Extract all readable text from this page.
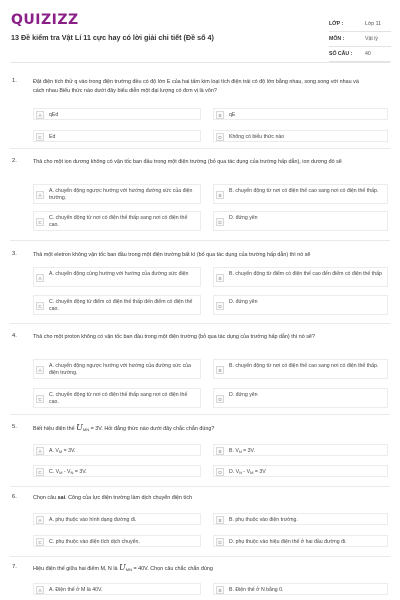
QUIZIZZ
13 Đề kiểm tra Vật Lí 11 cực hay có lời giải chi tiết (Đề số 4)
LỚP :	Lớp 11
MÔN :	Vật lý
SỐ CÂU :	40
1.	Đặt điện tích thử q vào trong điện trường đều có độ lớn E của hai tấm kim loại tích điện trái có độ lớn bằng nhau, song song với nhau và cách nhau Biểu thức nào dưới đây biểu diễn một đại lượng có đơn vị là vôn?
A	qEd	B	qE
C	Ed	D	Không có biểu thức nào
2.	Thả cho một ion dương không có vận tốc ban đầu trong một điện trường (bỏ qua tác dụng của trường hấp dẫn), ion dương đó sẽ
A
A. chuyển động ngược hướng với hướng đường sức của điện trường.	B
B. chuyển động từ nơi có điện thế cao sang nơi có điện thế thấp.
C
C. chuyển động từ nơi có điện thế thấp sang nơi có điện thế cao.	D
D. đứng yên
3.	Thả một eletron không vận tốc ban đầu trong một điện trường bất kì (bỏ qua tác dụng của trường hấp dẫn) thì nó sẽ
A
A. chuyển động cùng hướng với hướng của đường sức điện
B
B. chuyển động từ điểm có điện thế cao đến điểm có điện thế thấp
C
C. chuyển động từ điểm có điện thế thấp đến điểm có điện thế cao.	D
D. đứng yên
4.	Thả cho một proton không có vận tốc ban đầu trong một điện trường (bỏ qua tác dụng của trường hấp dẫn) thì nó sẽ?
A
A. chuyển động ngược hướng với hướng của đường sức của điện trường.	B
B. chuyển động từ nơi có điện thế cao sang nơi có điện thế thấp.
C
C. chuyển động từ nơi có điện thế thấp sang nơi có điện thế cao.	D
D. đứng yên
5.	Biết hiệu điện thế $U_{MN} = 3V$. Hỏi đẳng thức nào dưới đây chắc chắn đúng?
A	A. $V_M = 3V$.	B	B. $V_N = 3V$.
C	C. $V_M - V_N = 3V$.	D	D. $V_N - V_M = 3V$
6.	Chọn câu sai. Công của lực điện trường làm dịch chuyển điện tích
A	A. phụ thuộc vào hình dạng đường đi.	B	B. phụ thuộc vào điện trường.
C	C. phụ thuộc vào điện tích dịch chuyển.	D	D. phụ thuộc vào hiệu điện thế ở hai đầu đường đi.
7.	Hiệu điện thế giữa hai điểm M, N là $U_{MN} = 40V$. Chọn câu chắc chắn đúng
A	A. Điện thế ở M là 40V.	B	B. Điện thế ở N bằng 0.
